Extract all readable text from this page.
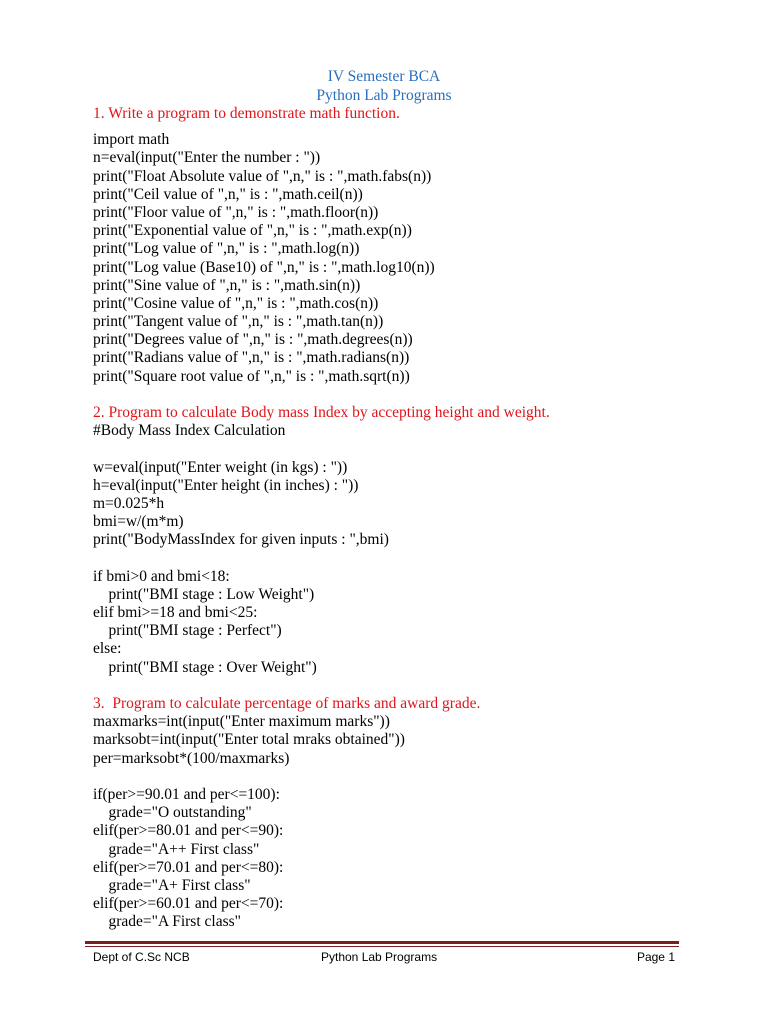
IV Semester BCA
Python Lab Programs
1. Write a program to demonstrate math function.
import math
n=eval(input("Enter the number : "))
print("Float Absolute value of ",n," is : ",math.fabs(n))
print("Ceil value of ",n," is : ",math.ceil(n))
print("Floor value of ",n," is : ",math.floor(n))
print("Exponential value of ",n," is : ",math.exp(n))
print("Log value of ",n," is : ",math.log(n))
print("Log value (Base10) of ",n," is : ",math.log10(n))
print("Sine value of ",n," is : ",math.sin(n))
print("Cosine value of ",n," is : ",math.cos(n))
print("Tangent value of ",n," is : ",math.tan(n))
print("Degrees value of ",n," is : ",math.degrees(n))
print("Radians value of ",n," is : ",math.radians(n))
print("Square root value of ",n," is : ",math.sqrt(n))
2. Program to calculate Body mass Index by accepting height and weight.
#Body Mass Index Calculation
w=eval(input("Enter weight (in kgs) : "))
h=eval(input("Enter height (in inches) : "))
m=0.025*h
bmi=w/(m*m)
print("BodyMassIndex for given inputs : ",bmi)
if bmi>0 and bmi<18:
print("BMI stage : Low Weight")
elif bmi>=18 and bmi<25:
print("BMI stage : Perfect")
else:
print("BMI stage : Over Weight")
3.  Program to calculate percentage of marks and award grade.
maxmarks=int(input("Enter maximum marks"))
marksobt=int(input("Enter total mraks obtained"))
per=marksobt*(100/maxmarks)
if(per>=90.01 and per<=100):
grade="O outstanding"
elif(per>=80.01 and per<=90):
grade="A++ First class"
elif(per>=70.01 and per<=80):
grade="A+ First class"
elif(per>=60.01 and per<=70):
grade="A First class"
Dept of C.Sc NCB	Python Lab Programs	Page 1
